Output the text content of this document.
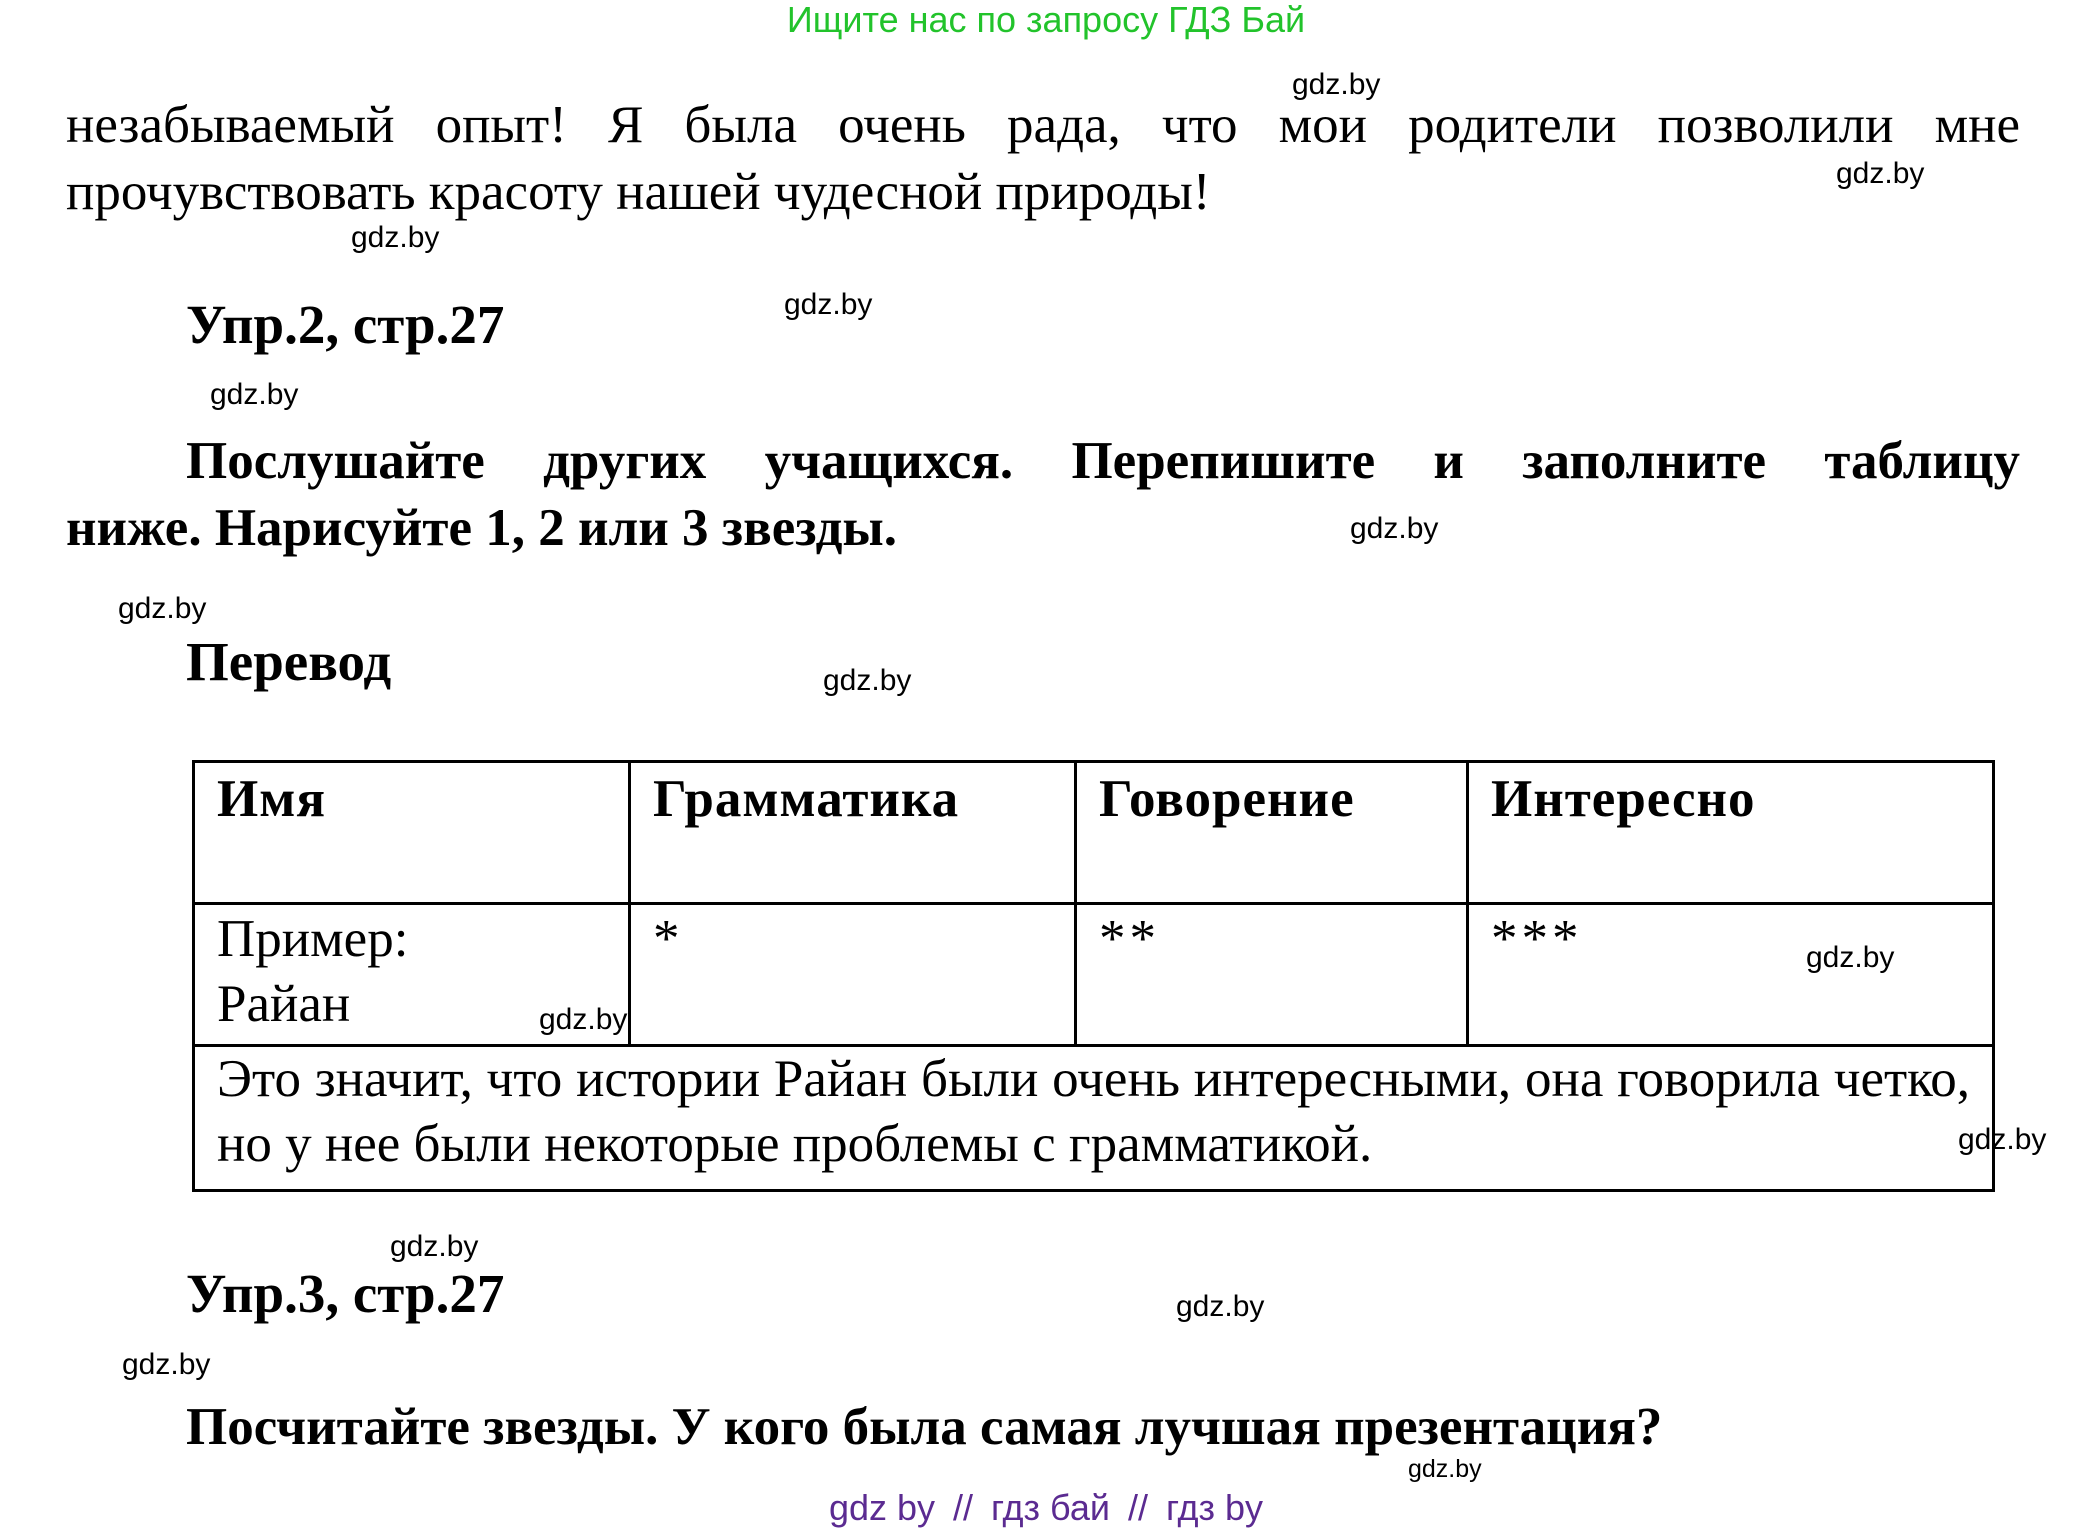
Ищите нас по запросу ГДЗ Бай
незабываемый опыт! Я была очень рада, что мои родители позволили мне
прочувствовать красоту нашей чудесной природы!
Упр.2, стр.27
Послушайте других учащихся. Перепишите и заполните таблицу
ниже. Нарисуйте 1, 2 или 3 звезды.
Перевод
Имя	Грамматика	Говорение	Интересно

Пример:
Райан	*	**	***
Это значит, что истории Райан были очень интересными, она говорила четко, но у нее были некоторые проблемы с грамматикой.			
Упр.3, стр.27
Посчитайте звезды. У кого была самая лучшая презентация?
gdz.by
gdz.by
gdz.by
gdz.by
gdz.by
gdz.by
gdz.by
gdz.by
gdz.by
gdz.by
gdz.by
gdz.by
gdz.by
gdz.by
gdz.by
gdz by // гдз бай // гдз by
